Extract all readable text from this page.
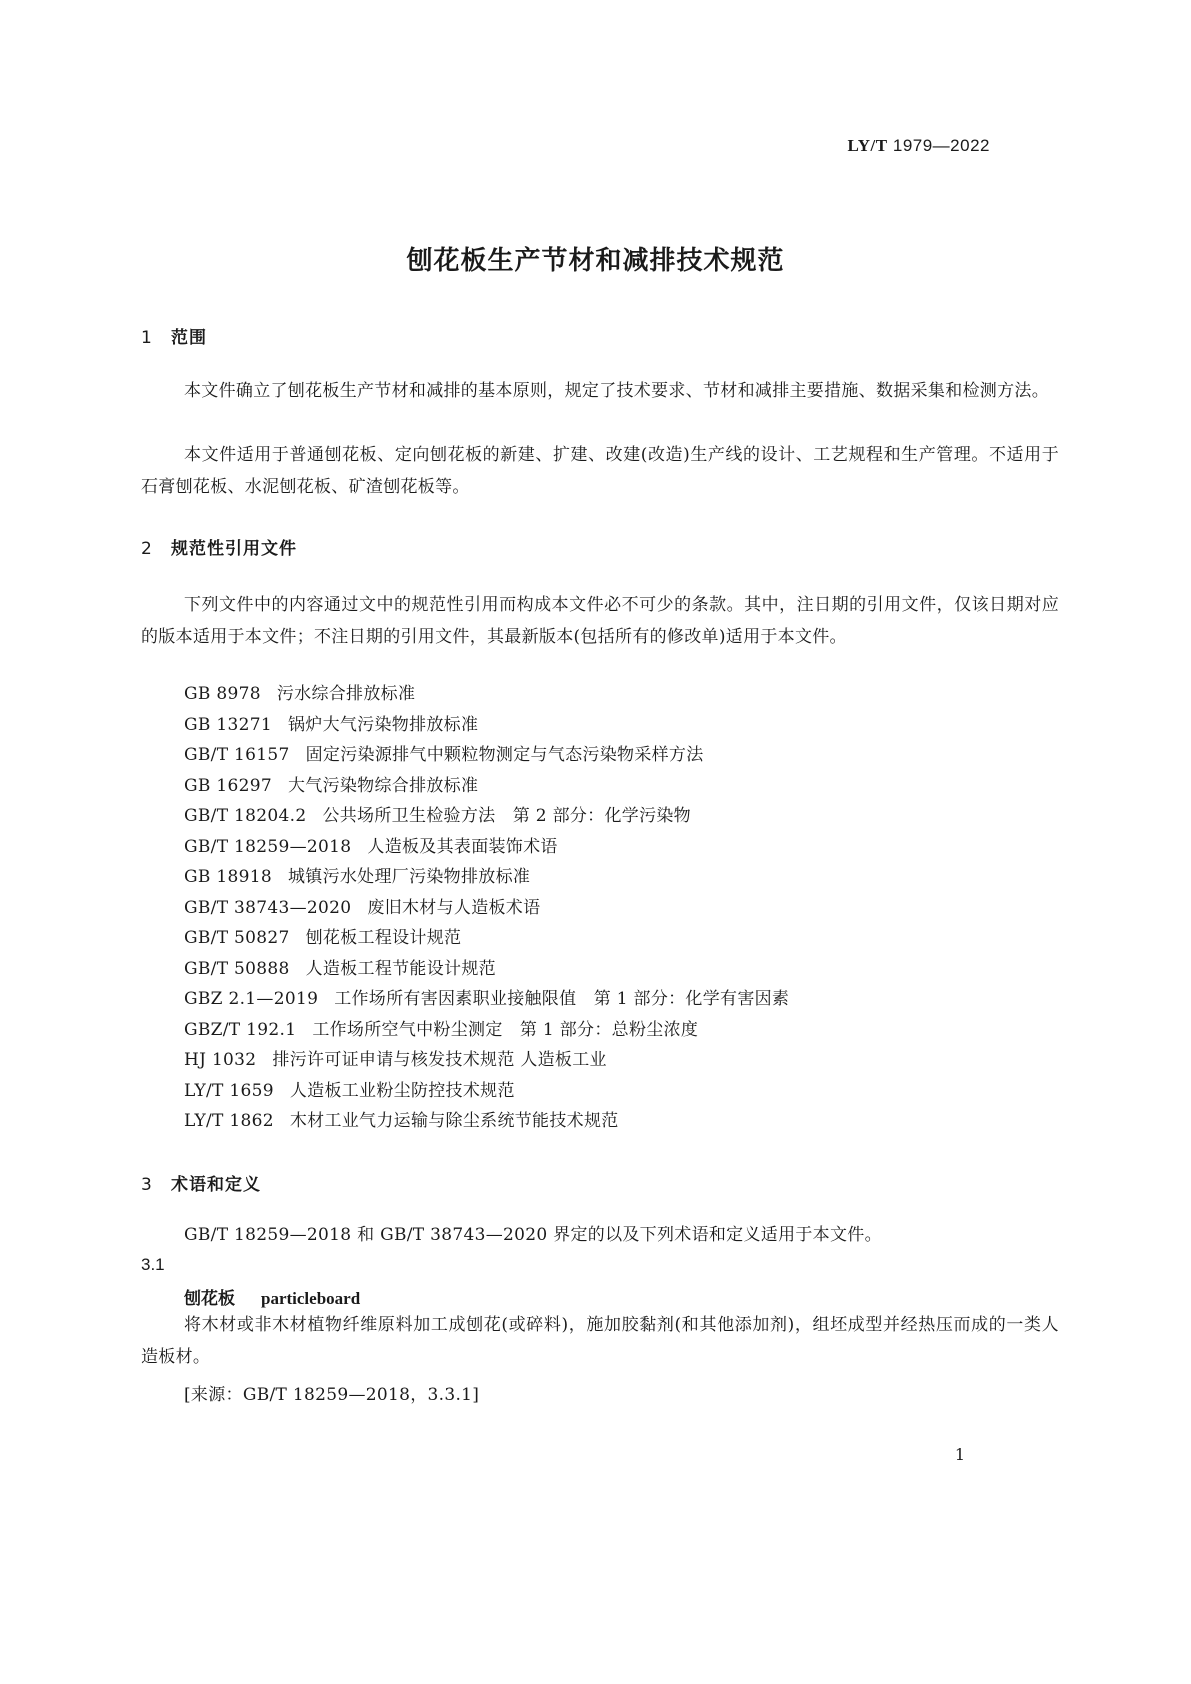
LY/T 1979—2022
刨花板生产节材和减排技术规范
1 范围
本文件确立了刨花板生产节材和减排的基本原则，规定了技术要求、节材和减排主要措施、数据采集和检测方法。
本文件适用于普通刨花板、定向刨花板的新建、扩建、改建(改造)生产线的设计、工艺规程和生产管理。不适用于石膏刨花板、水泥刨花板、矿渣刨花板等。
2 规范性引用文件
下列文件中的内容通过文中的规范性引用而构成本文件必不可少的条款。其中，注日期的引用文件，仅该日期对应的版本适用于本文件；不注日期的引用文件，其最新版本(包括所有的修改单)适用于本文件。
GB 8978 污水综合排放标准
GB 13271 锅炉大气污染物排放标准
GB/T 16157 固定污染源排气中颗粒物测定与气态污染物采样方法
GB 16297 大气污染物综合排放标准
GB/T 18204.2 公共场所卫生检验方法　第 2 部分：化学污染物
GB/T 18259—2018 人造板及其表面装饰术语
GB 18918 城镇污水处理厂污染物排放标准
GB/T 38743—2020 废旧木材与人造板术语
GB/T 50827 刨花板工程设计规范
GB/T 50888 人造板工程节能设计规范
GBZ 2.1—2019 工作场所有害因素职业接触限值　第 1 部分：化学有害因素
GBZ/T 192.1 工作场所空气中粉尘测定　第 1 部分：总粉尘浓度
HJ 1032 排污许可证申请与核发技术规范 人造板工业
LY/T 1659 人造板工业粉尘防控技术规范
LY/T 1862 木材工业气力运输与除尘系统节能技术规范
3 术语和定义
GB/T 18259—2018 和 GB/T 38743—2020 界定的以及下列术语和定义适用于本文件。
3.1
刨花板 particleboard
将木材或非木材植物纤维原料加工成刨花(或碎料)，施加胶黏剂(和其他添加剂)，组坯成型并经热压而成的一类人造板材。
[来源：GB/T 18259—2018，3.3.1]
1
